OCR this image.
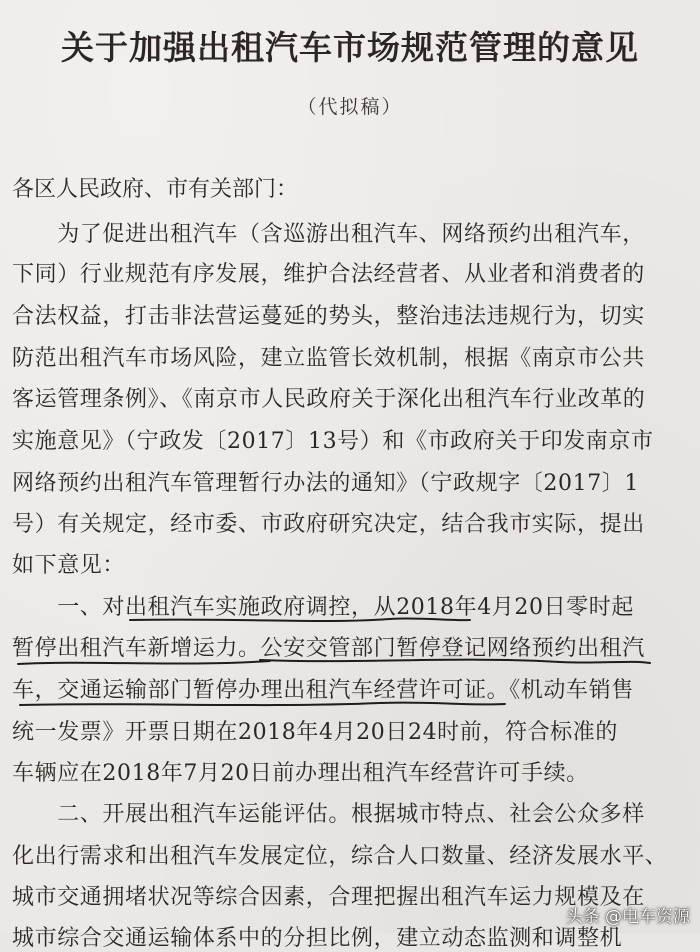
关于加强出租汽车市场规范管理的意见
（代拟稿）
各区人民政府、市有关部门：
　　为了促进出租汽车（含巡游出租汽车、网络预约出租汽车，
下同）行业规范有序发展，维护合法经营者、从业者和消费者的
合法权益，打击非法营运蔓延的势头，整治违法违规行为，切实
防范出租汽车市场风险，建立监管长效机制，根据《南京市公共
客运管理条例》、《南京市人民政府关于深化出租汽车行业改革的
实施意见》（宁政发〔2017〕13号）和《市政府关于印发南京市
网络预约出租汽车管理暂行办法的通知》（宁政规字〔2017〕1
号）有关规定，经市委、市政府研究决定，结合我市实际，提出
如下意见：
　　一、对出租汽车实施政府调控，从2018年4月20日零时起
暂停出租汽车新增运力。公安交管部门暂停登记网络预约出租汽
车，交通运输部门暂停办理出租汽车经营许可证。《机动车销售
统一发票》开票日期在2018年4月20日24时前，符合标准的
车辆应在2018年7月20日前办理出租汽车经营许可手续。
　　二、开展出租汽车运能评估。根据城市特点、社会公众多样
化出行需求和出租汽车发展定位，综合人口数量、经济发展水平、
城市交通拥堵状况等综合因素，合理把握出租汽车运力规模及在
城市综合交通运输体系中的分担比例，建立动态监测和调整机
头条 @电车资源
